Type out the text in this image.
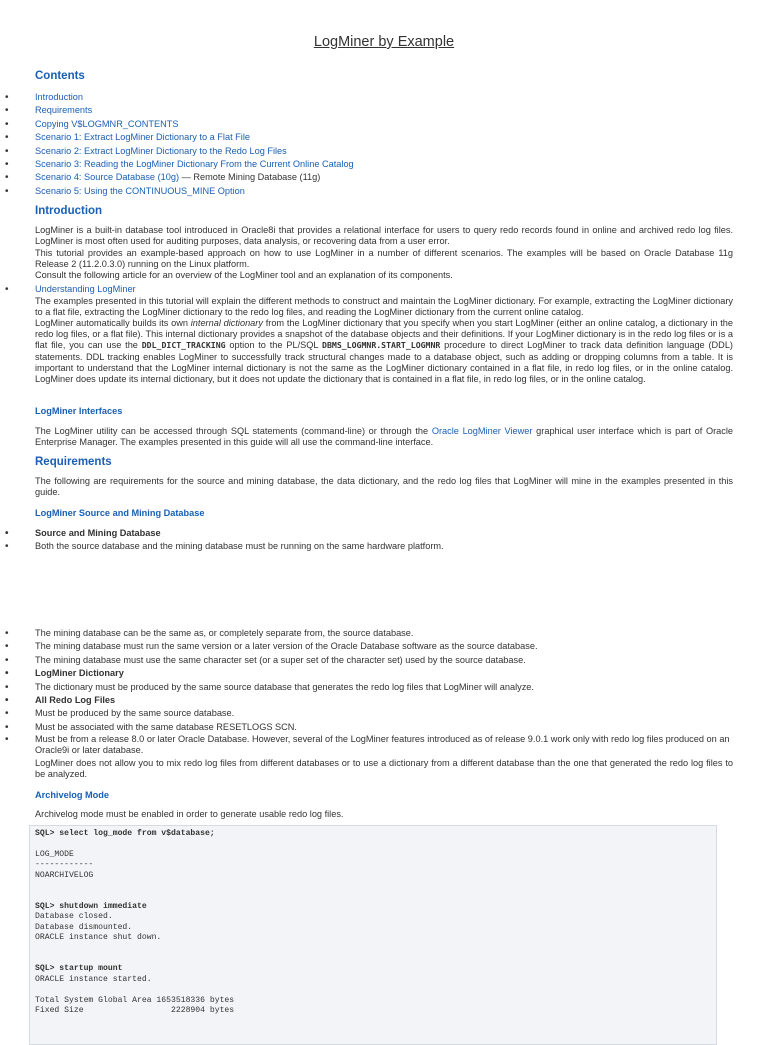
LogMiner by Example
Contents
• Introduction
• Requirements
• Copying V$LOGMNR_CONTENTS
• Scenario 1: Extract LogMiner Dictionary to a Flat File
• Scenario 2: Extract LogMiner Dictionary to the Redo Log Files
• Scenario 3: Reading the LogMiner Dictionary From the Current Online Catalog
• Scenario 4: Source Database (10g) — Remote Mining Database (11g)
• Scenario 5: Using the CONTINUOUS_MINE Option
Introduction
LogMiner is a built-in database tool introduced in Oracle8i that provides a relational interface for users to query redo records found in online and archived redo log files. LogMiner is most often used for auditing purposes, data analysis, or recovering data from a user error.
This tutorial provides an example-based approach on how to use LogMiner in a number of different scenarios. The examples will be based on Oracle Database 11g Release 2 (11.2.0.3.0) running on the Linux platform.
Consult the following article for an overview of the LogMiner tool and an explanation of its components.
• Understanding LogMiner
The examples presented in this tutorial will explain the different methods to construct and maintain the LogMiner dictionary. For example, extracting the LogMiner dictionary to a flat file, extracting the LogMiner dictionary to the redo log files, and reading the LogMiner dictionary from the current online catalog.
LogMiner automatically builds its own internal dictionary from the LogMiner dictionary that you specify when you start LogMiner (either an online catalog, a dictionary in the redo log files, or a flat file). This internal dictionary provides a snapshot of the database objects and their definitions. If your LogMiner dictionary is in the redo log files or is a flat file, you can use the DDL_DICT_TRACKING option to the PL/SQL DBMS_LOGMNR.START_LOGMNR procedure to direct LogMiner to track data definition language (DDL) statements. DDL tracking enables LogMiner to successfully track structural changes made to a database object, such as adding or dropping columns from a table. It is important to understand that the LogMiner internal dictionary is not the same as the LogMiner dictionary contained in a flat file, in redo log files, or in the online catalog. LogMiner does update its internal dictionary, but it does not update the dictionary that is contained in a flat file, in redo log files, or in the online catalog.
LogMiner Interfaces
The LogMiner utility can be accessed through SQL statements (command-line) or through the Oracle LogMiner Viewer graphical user interface which is part of Oracle Enterprise Manager. The examples presented in this guide will all use the command-line interface.
Requirements
The following are requirements for the source and mining database, the data dictionary, and the redo log files that LogMiner will mine in the examples presented in this guide.
LogMiner Source and Mining Database
• Source and Mining Database
• Both the source database and the mining database must be running on the same hardware platform.
• The mining database can be the same as, or completely separate from, the source database.
• The mining database must run the same version or a later version of the Oracle Database software as the source database.
• The mining database must use the same character set (or a super set of the character set) used by the source database.
• LogMiner Dictionary
• The dictionary must be produced by the same source database that generates the redo log files that LogMiner will analyze.
• All Redo Log Files
• Must be produced by the same source database.
• Must be associated with the same database RESETLOGS SCN.
• Must be from a release 8.0 or later Oracle Database. However, several of the LogMiner features introduced as of release 9.0.1 work only with redo log files produced on an Oracle9i or later database.
LogMiner does not allow you to mix redo log files from different databases or to use a dictionary from a different database than the one that generated the redo log files to be analyzed.
Archivelog Mode
Archivelog mode must be enabled in order to generate usable redo log files.
SQL> select log_mode from v$database;

LOG_MODE
------------
NOARCHIVELOG

SQL> shutdown immediate
Database closed.
Database dismounted.
ORACLE instance shut down.

SQL> startup mount
ORACLE instance started.

Total System Global Area 1653518336 bytes
Fixed Size                  2228904 bytes
